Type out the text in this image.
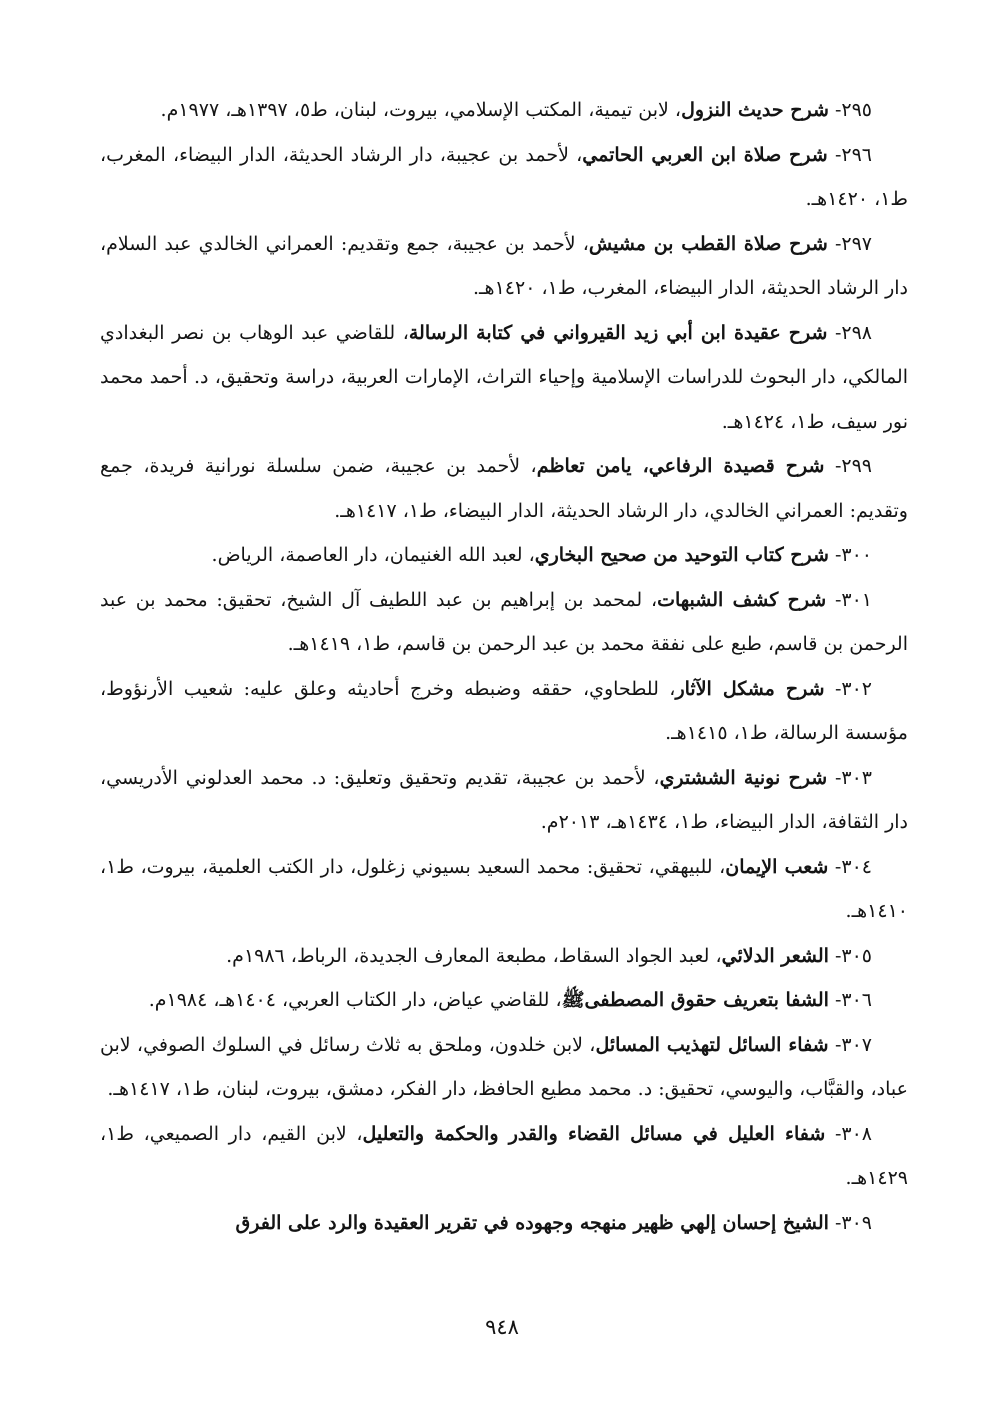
٢٩٥- شرح حديث النزول، لابن تيمية، المكتب الإسلامي، بيروت، لبنان، ط٥، ١٣٩٧هـ، ١٩٧٧م.

٢٩٦- شرح صلاة ابن العربي الحاتمي، لأحمد بن عجيبة، دار الرشاد الحديثة، الدار البيضاء، المغرب، ط١، ١٤٢٠هـ.

٢٩٧- شرح صلاة القطب بن مشيش، لأحمد بن عجيبة، جمع وتقديم: العمراني الخالدي عبد السلام، دار الرشاد الحديثة، الدار البيضاء، المغرب، ط١، ١٤٢٠هـ.

٢٩٨- شرح عقيدة ابن أبي زيد القيرواني في كتابة الرسالة، للقاضي عبد الوهاب بن نصر البغدادي المالكي، دار البحوث للدراسات الإسلامية وإحياء التراث، الإمارات العربية، دراسة وتحقيق، د. أحمد محمد نور سيف، ط١، ١٤٢٤هـ.

٢٩٩- شرح قصيدة الرفاعي، يامن تعاظم، لأحمد بن عجيبة، ضمن سلسلة نورانية فريدة، جمع وتقديم: العمراني الخالدي، دار الرشاد الحديثة، الدار البيضاء، ط١، ١٤١٧هـ.

٣٠٠- شرح كتاب التوحيد من صحيح البخاري، لعبد الله الغنيمان، دار العاصمة، الرياض.

٣٠١- شرح كشف الشبهات، لمحمد بن إبراهيم بن عبد اللطيف آل الشيخ، تحقيق: محمد بن عبد الرحمن بن قاسم، طبع على نفقة محمد بن عبد الرحمن بن قاسم، ط١، ١٤١٩هـ.

٣٠٢- شرح مشكل الآثار، للطحاوي، حققه وضبطه وخرج أحاديثه وعلق عليه: شعيب الأرنؤوط، مؤسسة الرسالة، ط١، ١٤١٥هـ.

٣٠٣- شرح نونية الششتري، لأحمد بن عجيبة، تقديم وتحقيق وتعليق: د. محمد العدلوني الأدريسي، دار الثقافة، الدار البيضاء، ط١، ١٤٣٤هـ، ٢٠١٣م.

٣٠٤- شعب الإيمان، للبيهقي، تحقيق: محمد السعيد بسيوني زغلول، دار الكتب العلمية، بيروت، ط١، ١٤١٠هـ.

٣٠٥- الشعر الدلائي، لعبد الجواد السقاط، مطبعة المعارف الجديدة، الرباط، ١٩٨٦م.

٣٠٦- الشفا بتعريف حقوق المصطفىﷺ، للقاضي عياض، دار الكتاب العربي، ١٤٠٤هـ، ١٩٨٤م.

٣٠٧- شفاء السائل لتهذيب المسائل، لابن خلدون، وملحق به ثلاث رسائل في السلوك الصوفي، لابن عباد، والقبَّاب، واليوسي، تحقيق: د. محمد مطيع الحافظ، دار الفكر، دمشق، بيروت، لبنان، ط١، ١٤١٧هـ.

٣٠٨- شفاء العليل في مسائل القضاء والقدر والحكمة والتعليل، لابن القيم، دار الصميعي، ط١، ١٤٢٩هـ.

٣٠٩- الشيخ إحسان إلهي ظهير منهجه وجهوده في تقرير العقيدة والرد على الفرق

٩٤٨
